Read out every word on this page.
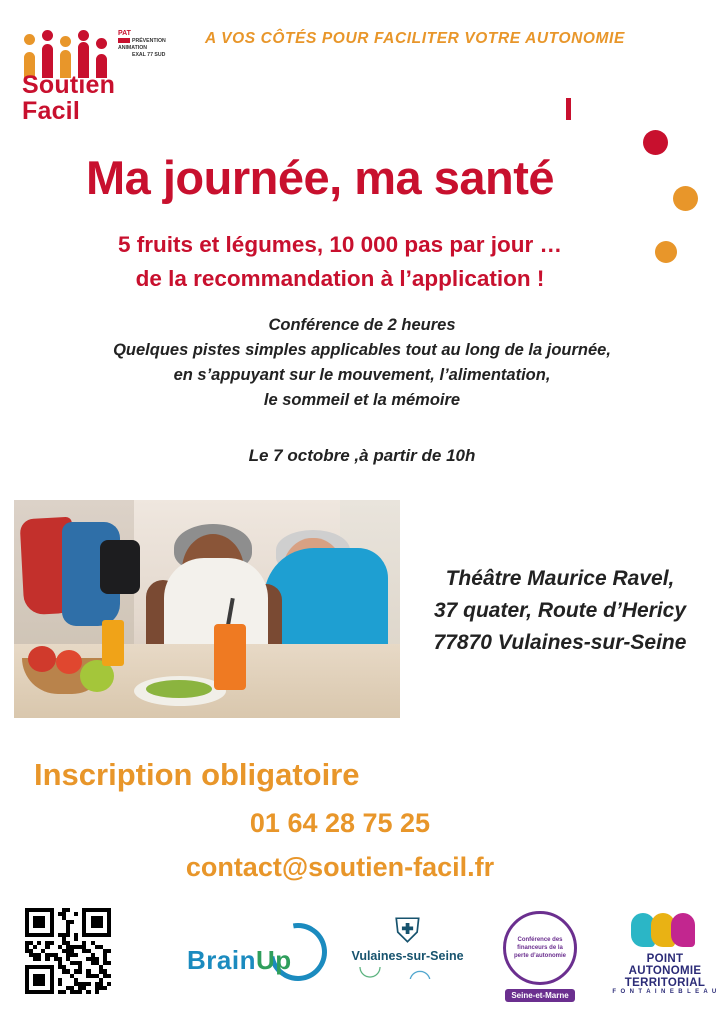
Soutien
Facil
PAT
PRÉVENTION ANIMATION
EXAL 77 SUD
A VOS CÔTÉS POUR FACILITER VOTRE AUTONOMIE
Ma journée, ma santé
5 fruits et légumes, 10 000 pas par jour …
de la recommandation à l’application !
Conférence de 2 heures
Quelques pistes simples applicables tout au long de la journée,
en s’appuyant sur le mouvement, l’alimentation,
le sommeil et la mémoire
Le 7 octobre ,à partir de 10h
Théâtre Maurice Ravel,
37 quater, Route d’Hericy
77870 Vulaines-sur-Seine
Inscription obligatoire
01 64 28 75 25
contact@soutien-facil.fr
BrainUp
⛨
Vulaines-sur-Seine
Conférence des financeurs de la perte d’autonomie
Seine-et-Marne
POINT
AUTONOMIE
TERRITORIAL
F O N T A I N E B L E A U
